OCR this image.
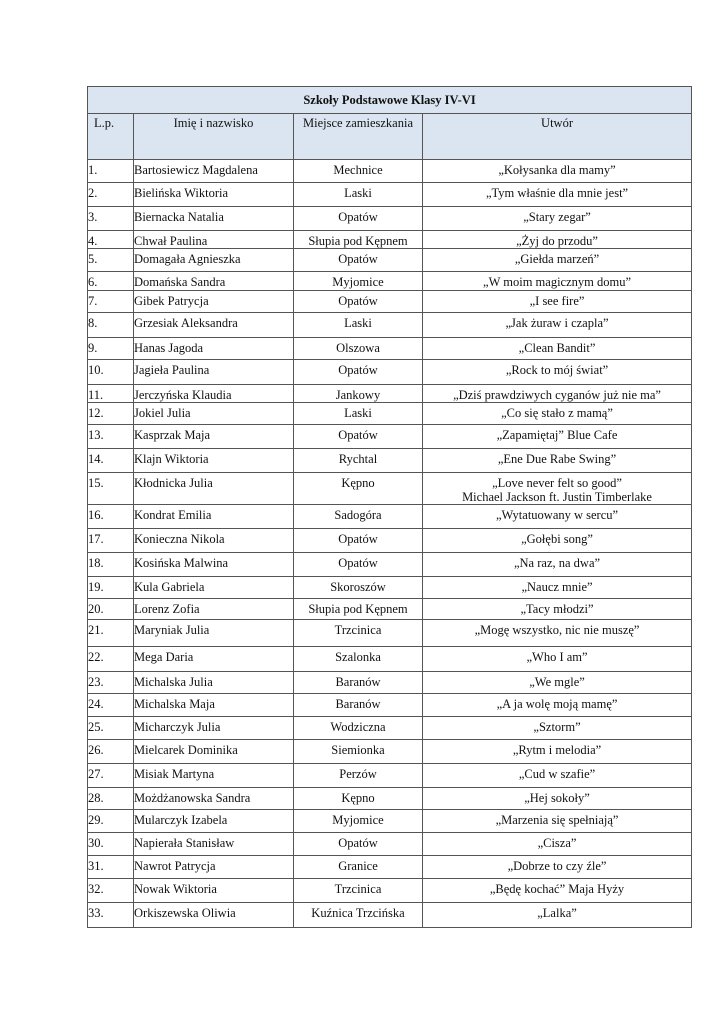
Szkoły Podstawowe Klasy IV-VI			
L.p.	Imię i nazwisko	Miejsce zamieszkania	Utwór
1.	Bartosiewicz Magdalena	Mechnice	„Kołysanka dla mamy”
2.	Bielińska Wiktoria	Laski	„Tym właśnie dla mnie jest”
3.	Biernacka Natalia	Opatów	„Stary zegar”
4.	Chwał Paulina	Słupia pod Kępnem	„Żyj do przodu”
5.	Domagała Agnieszka	Opatów	„Giełda marzeń”
6.	Domańska Sandra	Myjomice	„W moim magicznym domu”
7.	Gibek Patrycja	Opatów	„I see fire”
8.	Grzesiak Aleksandra	Laski	„Jak żuraw i czapla”
9.	Hanas Jagoda	Olszowa	„Clean Bandit”
10.	Jagieła Paulina	Opatów	„Rock to mój świat”
11.	Jerczyńska Klaudia	Jankowy	„Dziś prawdziwych cyganów już nie ma”
12.	Jokiel Julia	Laski	„Co się stało z mamą”
13.	Kasprzak Maja	Opatów	„Zapamiętaj” Blue Cafe
14.	Klajn Wiktoria	Rychtal	„Ene Due Rabe Swing”
15.	Kłodnicka Julia	Kępno	„Love never felt so good”
Michael Jackson ft. Justin Timberlake

16.	Kondrat Emilia	Sadogóra	„Wytatuowany w sercu”
17.	Konieczna Nikola	Opatów	„Gołębi song”
18.	Kosińska Malwina	Opatów	„Na raz, na dwa”
19.	Kula Gabriela	Skoroszów	„Naucz mnie”
20.	Lorenz Zofia	Słupia pod Kępnem	„Tacy młodzi”
21.	Maryniak Julia	Trzcinica	„Mogę wszystko, nic nie muszę”
22.	Mega Daria	Szalonka	„Who I am”
23.	Michalska Julia	Baranów	„We mgle”
24.	Michalska Maja	Baranów	„A ja wolę moją mamę”
25.	Micharczyk Julia	Wodziczna	„Sztorm”
26.	Mielcarek Dominika	Siemionka	„Rytm i melodia”
27.	Misiak Martyna	Perzów	„Cud w szafie”
28.	Możdżanowska Sandra	Kępno	„Hej sokoły”
29.	Mularczyk Izabela	Myjomice	„Marzenia się spełniają”
30.	Napierała Stanisław	Opatów	„Cisza”
31.	Nawrot Patrycja	Granice	„Dobrze to czy źle”
32.	Nowak Wiktoria	Trzcinica	„Będę kochać” Maja Hyży
33.	Orkiszewska Oliwia	Kuźnica Trzcińska	„Lalka”
